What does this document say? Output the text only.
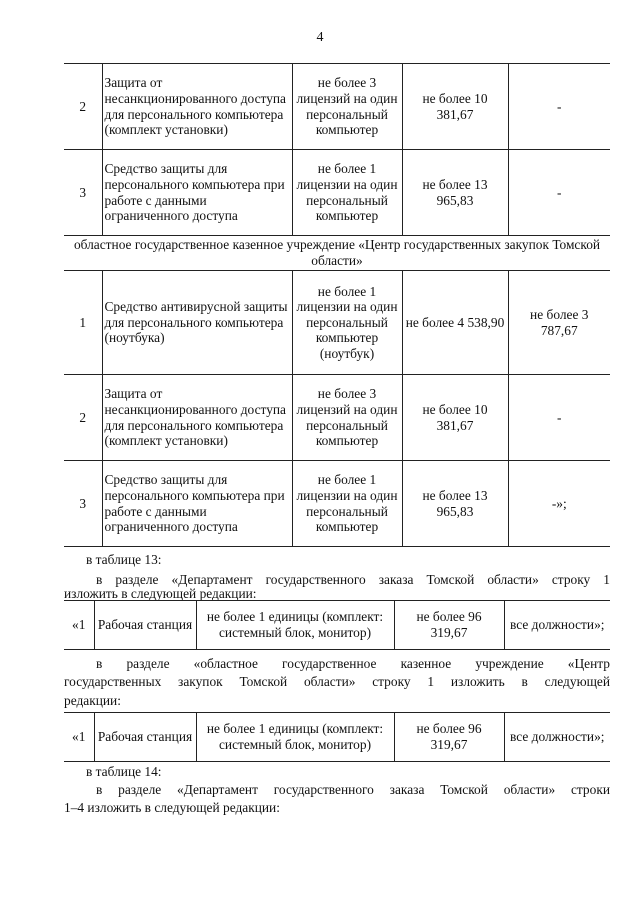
4
2	Защита от несанкционированного доступа для персонального компьютера (комплект установки)	не более 3 лицензий на один персональный компьютер	не более 10 381,67	-
3	Средство защиты для персонального компьютера при работе с данными ограниченного доступа	не более 1 лицензии на один персональный компьютер	не более 13 965,83	-
областное государственное казенное учреждение «Центр государственных закупок Томской области»				
1	Средство антивирусной защиты для персонального компьютера (ноутбука)	не более 1 лицензии на один персональный компьютер (ноутбук)	не более 4 538,90	не более 3 787,67
2	Защита от несанкционированного доступа для персонального компьютера (комплект установки)	не более 3 лицензий на один персональный компьютер	не более 10 381,67	-
3	Средство защиты для персонального компьютера при работе с данными ограниченного доступа	не более 1 лицензии на один персональный компьютер	не более 13 965,83	-»;
в таблице 13:
в разделе «Департамент государственного заказа Томской области» строку 1
изложить в следующей редакции:
«1	Рабочая станция	не более 1 единицы (комплект: системный блок, монитор)	не более 96 319,67	все должности»;
в разделе «областное государственное казенное учреждение «Центр
государственных закупок Томской области» строку 1 изложить в следующей
редакции:
«1	Рабочая станция	не более 1 единицы (комплект: системный блок, монитор)	не более 96 319,67	все должности»;
в таблице 14:
в разделе «Департамент государственного заказа Томской области» строки
1–4 изложить в следующей редакции:
